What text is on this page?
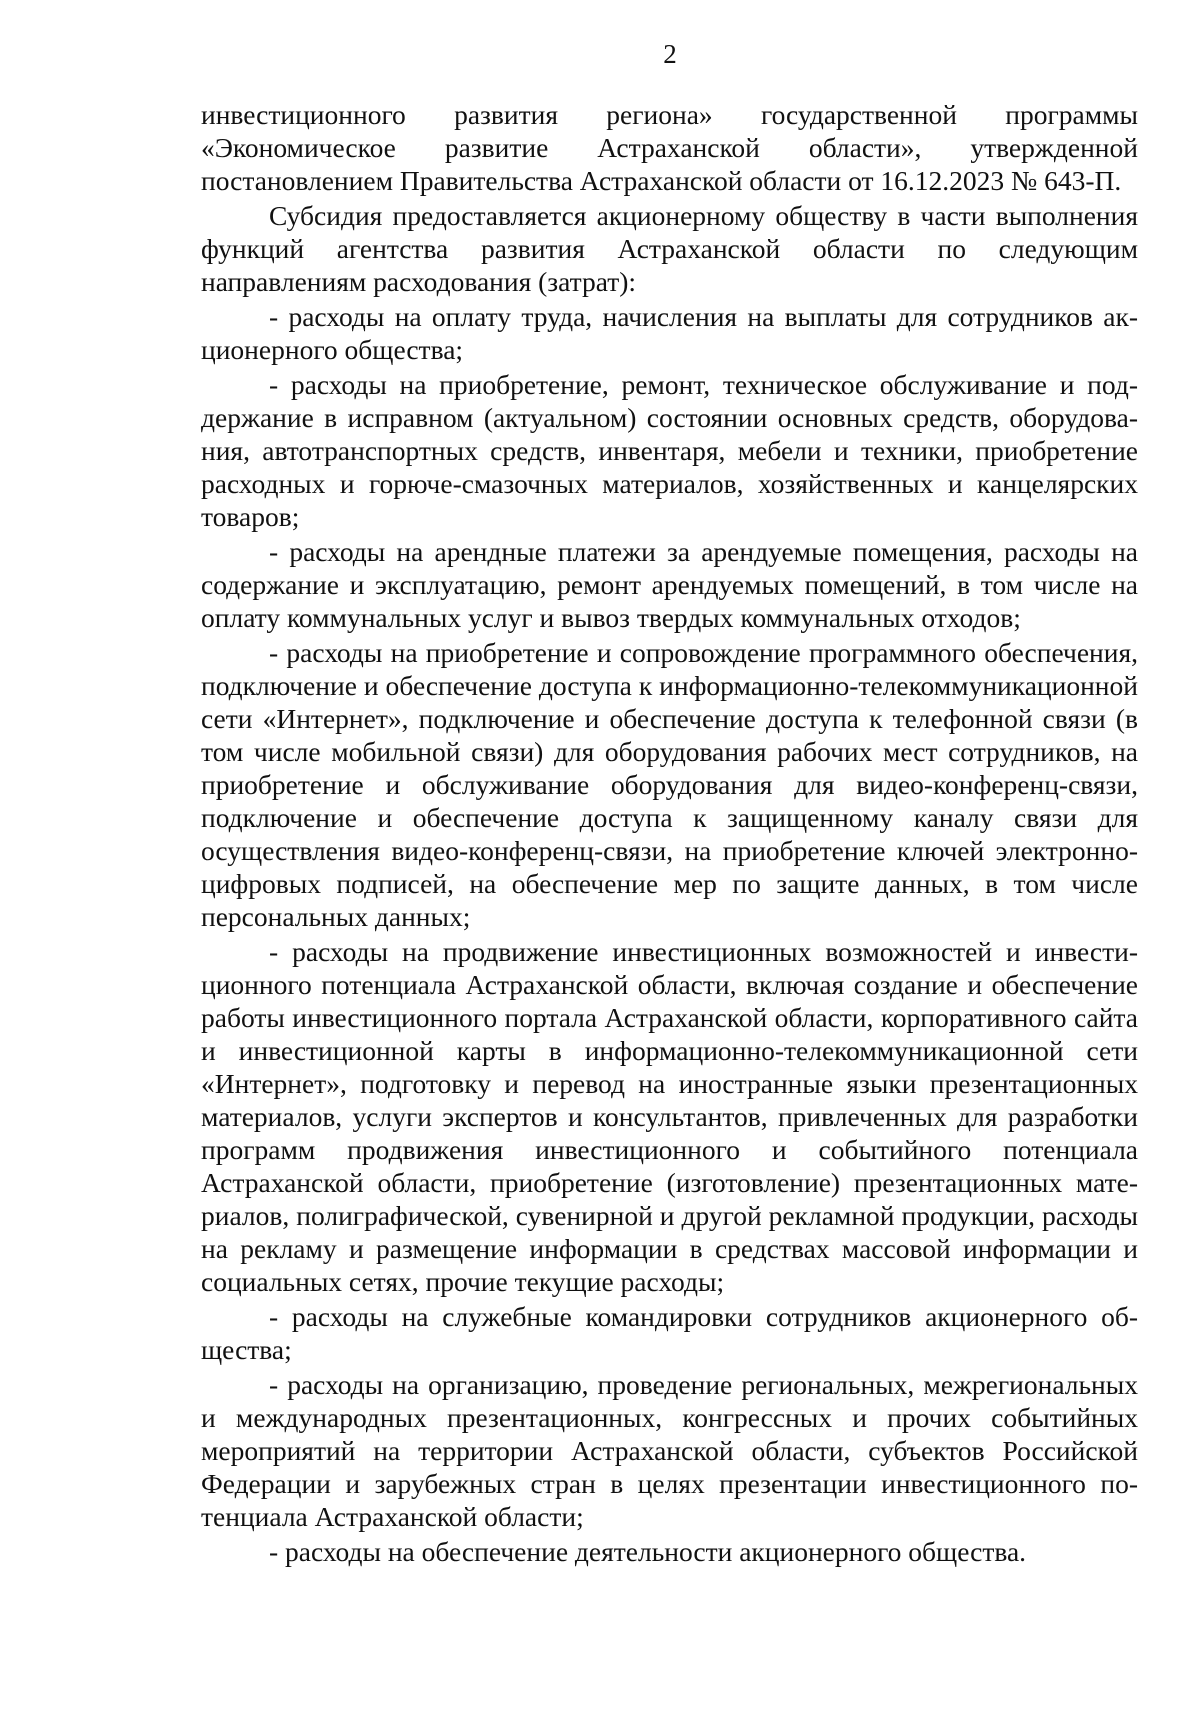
2

инвестиционного развития региона» государственной программы «Экономическое развитие Астраханской области», утвержденной постановлением Правительства Астраханской области от 16.12.2023 № 643-П.

Субсидия предоставляется акционерному обществу в части выполнения функций агентства развития Астраханской области по следующим направлениям расходования (затрат):

- расходы на оплату труда, начисления на выплаты для сотрудников акционерного общества;

- расходы на приобретение, ремонт, техническое обслуживание и поддержание в исправном (актуальном) состоянии основных средств, оборудования, автотранспортных средств, инвентаря, мебели и техники, приобретение расходных и горюче-смазочных материалов, хозяйственных и канцелярских товаров;

- расходы на арендные платежи за арендуемые помещения, расходы на содержание и эксплуатацию, ремонт арендуемых помещений, в том числе на оплату коммунальных услуг и вывоз твердых коммунальных отходов;

- расходы на приобретение и сопровождение программного обеспечения, подключение и обеспечение доступа к информационно-телекоммуникационной сети «Интернет», подключение и обеспечение доступа к телефонной связи (в том числе мобильной связи) для оборудования рабочих мест сотрудников, на приобретение и обслуживание оборудования для видео-конференц-связи, подключение и обеспечение доступа к защищенному каналу связи для осуществления видео-конференц-связи, на приобретение ключей электронно-цифровых подписей, на обеспечение мер по защите данных, в том числе персональных данных;

- расходы на продвижение инвестиционных возможностей и инвестиционного потенциала Астраханской области, включая создание и обеспечение работы инвестиционного портала Астраханской области, корпоративного сайта и инвестиционной карты в информационно-телекоммуникационной сети «Интернет», подготовку и перевод на иностранные языки презентационных материалов, услуги экспертов и консультантов, привлеченных для разработки программ продвижения инвестиционного и событийного потенциала Астраханской области, приобретение (изготовление) презентационных материалов, полиграфической, сувенирной и другой рекламной продукции, расходы на рекламу и размещение информации в средствах массовой информации и социальных сетях, прочие текущие расходы;

- расходы на служебные командировки сотрудников акционерного общества;

- расходы на организацию, проведение региональных, межрегиональных и международных презентационных, конгрессных и прочих событийных мероприятий на территории Астраханской области, субъектов Российской Федерации и зарубежных стран в целях презентации инвестиционного потенциала Астраханской области;

- расходы на обеспечение деятельности акционерного общества.
